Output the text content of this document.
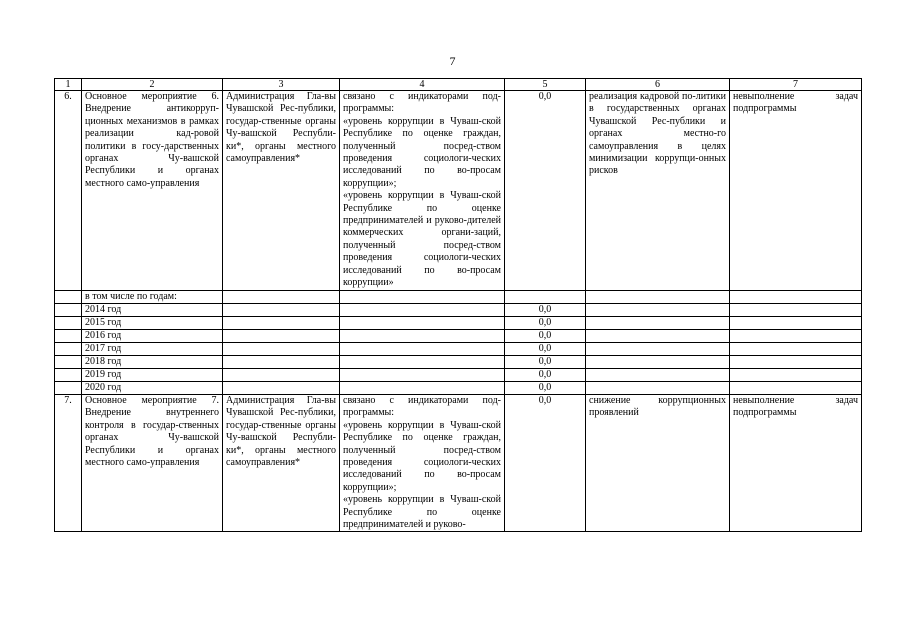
7
1	2	3	4	5	6	7
6.	Основное мероприятие 6. Внедрение антикорруп-ционных механизмов в рамках реализации кад-ровой политики в госу-дарственных органах Чу-вашской Республики и органах местного само-управления	Администрация Гла-вы Чувашской Рес-публики, государ-ственные органы Чу-вашской Республи-ки*, органы местного самоуправления*	связано с индикаторами под-программы:
«уровень коррупции в Чуваш-ской Республике по оценке граждан, полученный посред-ством проведения социологи-ческих исследований по во-просам коррупции»;
«уровень коррупции в Чуваш-ской Республике по оценке предпринимателей и руково-дителей коммерческих органи-заций, полученный посред-ством проведения социологи-ческих исследований по во-просам коррупции»	0,0	реализация кадровой по-литики в государственных органах Чувашской Рес-публики и органах местно-го самоуправления в целях минимизации коррупци-онных рисков	невыполнение задач подпрограммы
	в том числе по годам:					
	2014 год			0,0		
	2015 год			0,0		
	2016 год			0,0		
	2017 год			0,0		
	2018 год			0,0		
	2019 год			0,0		
	2020 год			0,0		
7.	Основное мероприятие 7. Внедрение внутреннего контроля в государ-ственных органах Чу-вашской Республики и органах местного само-управления	Администрация Гла-вы Чувашской Рес-публики, государ-ственные органы Чу-вашской Республи-ки*, органы местного самоуправления*	связано с индикаторами под-программы:
«уровень коррупции в Чуваш-ской Республике по оценке граждан, полученный посред-ством проведения социологи-ческих исследований по во-просам коррупции»;
«уровень коррупции в Чуваш-ской Республике по оценке предпринимателей и руково-	0,0	снижение коррупционных проявлений	невыполнение задач подпрограммы
